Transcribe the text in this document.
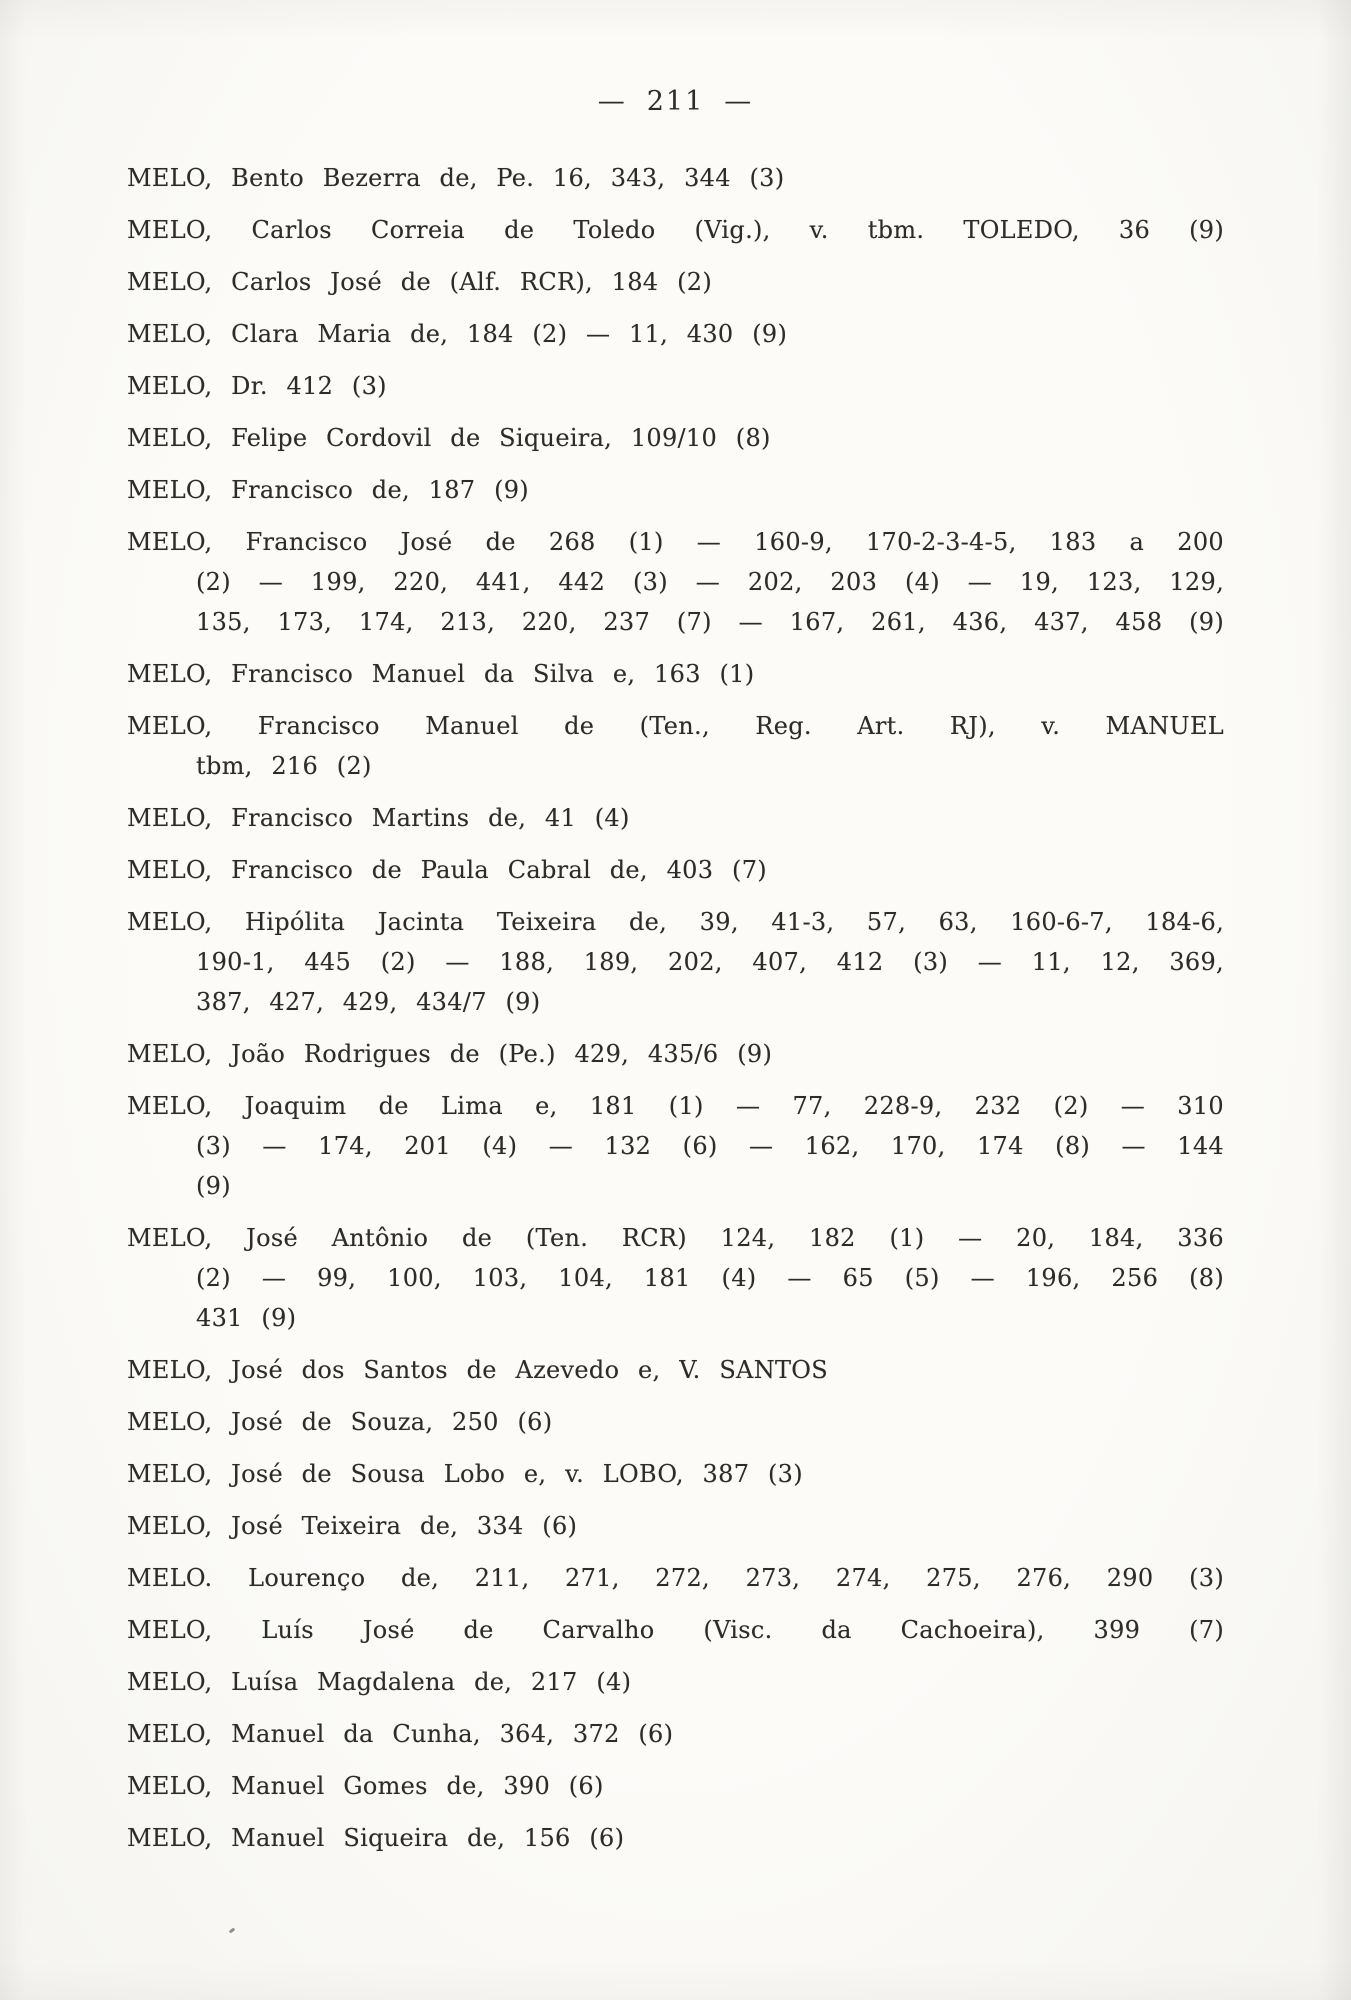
— 211 —
MELO, Bento Bezerra de, Pe. 16, 343, 344 (3)
MELO, Carlos Correia de Toledo (Vig.), v. tbm. TOLEDO, 36 (9)
MELO, Carlos José de (Alf. RCR), 184 (2)
MELO, Clara Maria de, 184 (2) — 11, 430 (9)
MELO, Dr. 412 (3)
MELO, Felipe Cordovil de Siqueira, 109/10 (8)
MELO, Francisco de, 187 (9)
MELO, Francisco José de 268 (1) — 160-9, 170-2-3-4-5, 183 a 200
(2) — 199, 220, 441, 442 (3) — 202, 203 (4) — 19, 123, 129,
135, 173, 174, 213, 220, 237 (7) — 167, 261, 436, 437, 458 (9)
MELO, Francisco Manuel da Silva e, 163 (1)
MELO, Francisco Manuel de (Ten., Reg. Art. RJ), v. MANUEL
tbm, 216 (2)
MELO, Francisco Martins de, 41 (4)
MELO, Francisco de Paula Cabral de, 403 (7)
MELO, Hipólita Jacinta Teixeira de, 39, 41-3, 57, 63, 160-6-7, 184-6,
190-1, 445 (2) — 188, 189, 202, 407, 412 (3) — 11, 12, 369,
387, 427, 429, 434/7 (9)
MELO, João Rodrigues de (Pe.) 429, 435/6 (9)
MELO, Joaquim de Lima e, 181 (1) — 77, 228-9, 232 (2) — 310
(3) — 174, 201 (4) — 132 (6) — 162, 170, 174 (8) — 144
(9)
MELO, José Antônio de (Ten. RCR) 124, 182 (1) — 20, 184, 336
(2) — 99, 100, 103, 104, 181 (4) — 65 (5) — 196, 256 (8)
431 (9)
MELO, José dos Santos de Azevedo e, V. SANTOS
MELO, José de Souza, 250 (6)
MELO, José de Sousa Lobo e, v. LOBO, 387 (3)
MELO, José Teixeira de, 334 (6)
MELO. Lourenço de, 211, 271, 272, 273, 274, 275, 276, 290 (3)
MELO, Luís José de Carvalho (Visc. da Cachoeira), 399 (7)
MELO, Luísa Magdalena de, 217 (4)
MELO, Manuel da Cunha, 364, 372 (6)
MELO, Manuel Gomes de, 390 (6)
MELO, Manuel Siqueira de, 156 (6)
